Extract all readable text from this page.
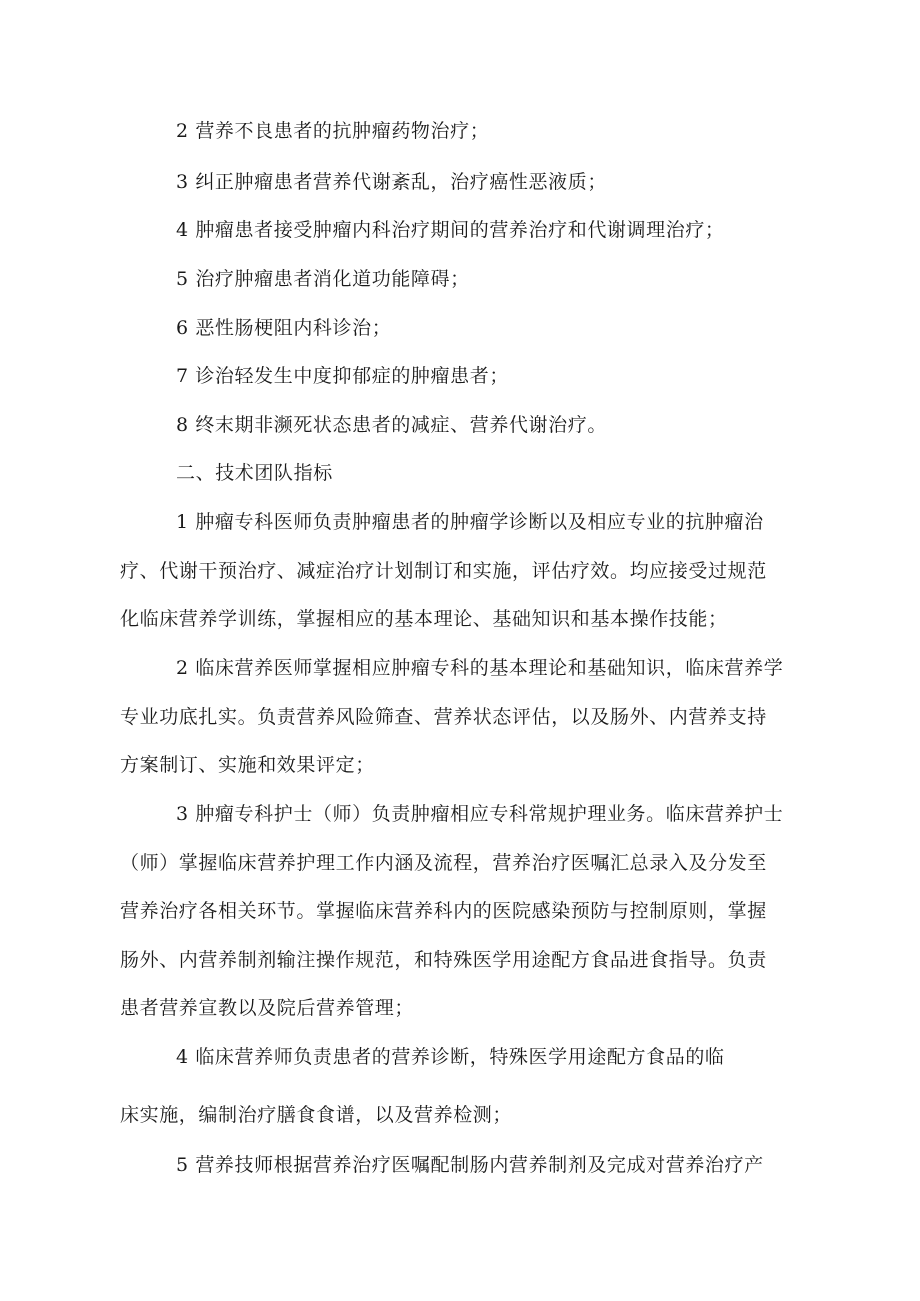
2 营养不良患者的抗肿瘤药物治疗；
3 纠正肿瘤患者营养代谢紊乱，治疗癌性恶液质；
4 肿瘤患者接受肿瘤内科治疗期间的营养治疗和代谢调理治疗；
5 治疗肿瘤患者消化道功能障碍；
6 恶性肠梗阻内科诊治；
7 诊治轻发生中度抑郁症的肿瘤患者；
8 终末期非濒死状态患者的减症、营养代谢治疗。
二、技术团队指标
1 肿瘤专科医师负责肿瘤患者的肿瘤学诊断以及相应专业的抗肿瘤治
疗、代谢干预治疗、减症治疗计划制订和实施，评估疗效。均应接受过规范
化临床营养学训练，掌握相应的基本理论、基础知识和基本操作技能；
2 临床营养医师掌握相应肿瘤专科的基本理论和基础知识，临床营养学
专业功底扎实。负责营养风险筛查、营养状态评估，以及肠外、内营养支持
方案制订、实施和效果评定；
3 肿瘤专科护士（师）负责肿瘤相应专科常规护理业务。临床营养护士
（师）掌握临床营养护理工作内涵及流程，营养治疗医嘱汇总录入及分发至
营养治疗各相关环节。掌握临床营养科内的医院感染预防与控制原则，掌握
肠外、内营养制剂输注操作规范，和特殊医学用途配方食品进食指导。负责
患者营养宣教以及院后营养管理；
4 临床营养师负责患者的营养诊断，特殊医学用途配方食品的临
床实施，编制治疗膳食食谱，以及营养检测；
5 营养技师根据营养治疗医嘱配制肠内营养制剂及完成对营养治疗产
